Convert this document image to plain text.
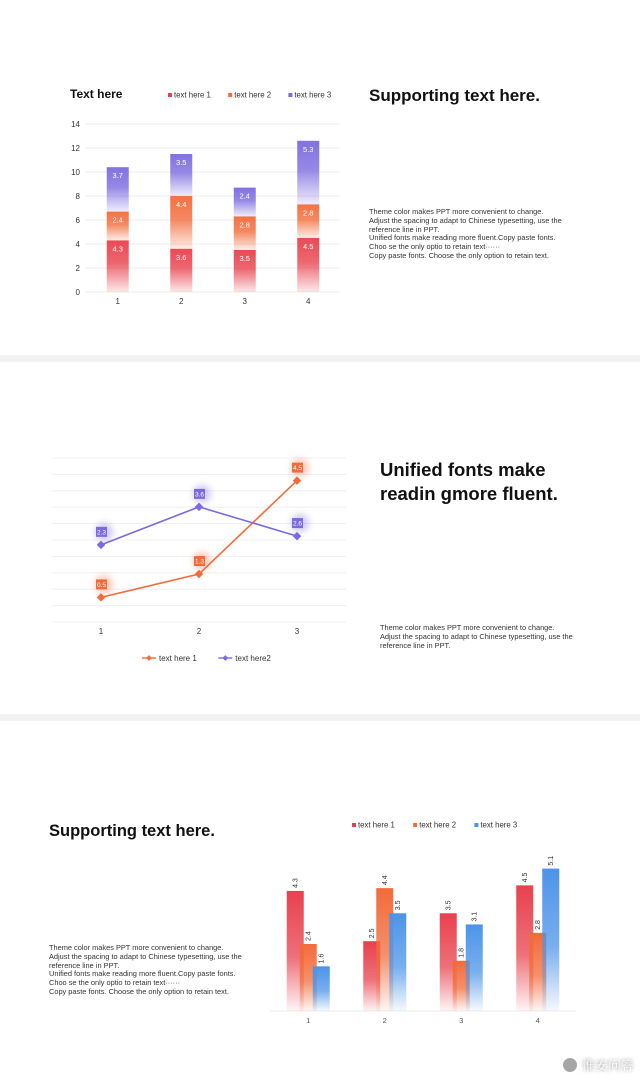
0
2
4
6
8
10
12
14
Text here	text here 1	text here 2	text here 3
4.3
2.4
3.7
1
3.6
4.4
3.5
2
3.5
2.8
2.4
3
4.5
2.8
5.3
4
Supporting text here.
Theme color makes PPT more convenient to change.
Adjust the spacing to adapt to Chinese typesetting, use the
reference line in PPT.
Unified fonts make reading more fluent.Copy paste fonts.
Choo se the only optio to retain text······
Copy paste fonts. Choose the only option to retain text.
1	2	3
0.5
1.3
4.5
2.3
3.6
2.6
text here 1	text here2
Unified fonts make
readin gmore fluent.
Theme color makes PPT more convenient to change.
Adjust the spacing to adapt to Chinese typesetting, use the
reference line in PPT.
text here 1	text here 2	text here 3
4.3
2.4
1.6
1
2.5
4.4
3.5
2
3.5
1.8
3.1
3
4.5
2.8
5.1
4
Supporting text here.
Theme color makes PPT more convenient to change.
Adjust the spacing to adapt to Chinese typesetting, use the
reference line in PPT.
Unified fonts make reading more fluent.Copy paste fonts.
Choo se the only optio to retain text······
Copy paste fonts. Choose the only option to retain text.
惟安问答
